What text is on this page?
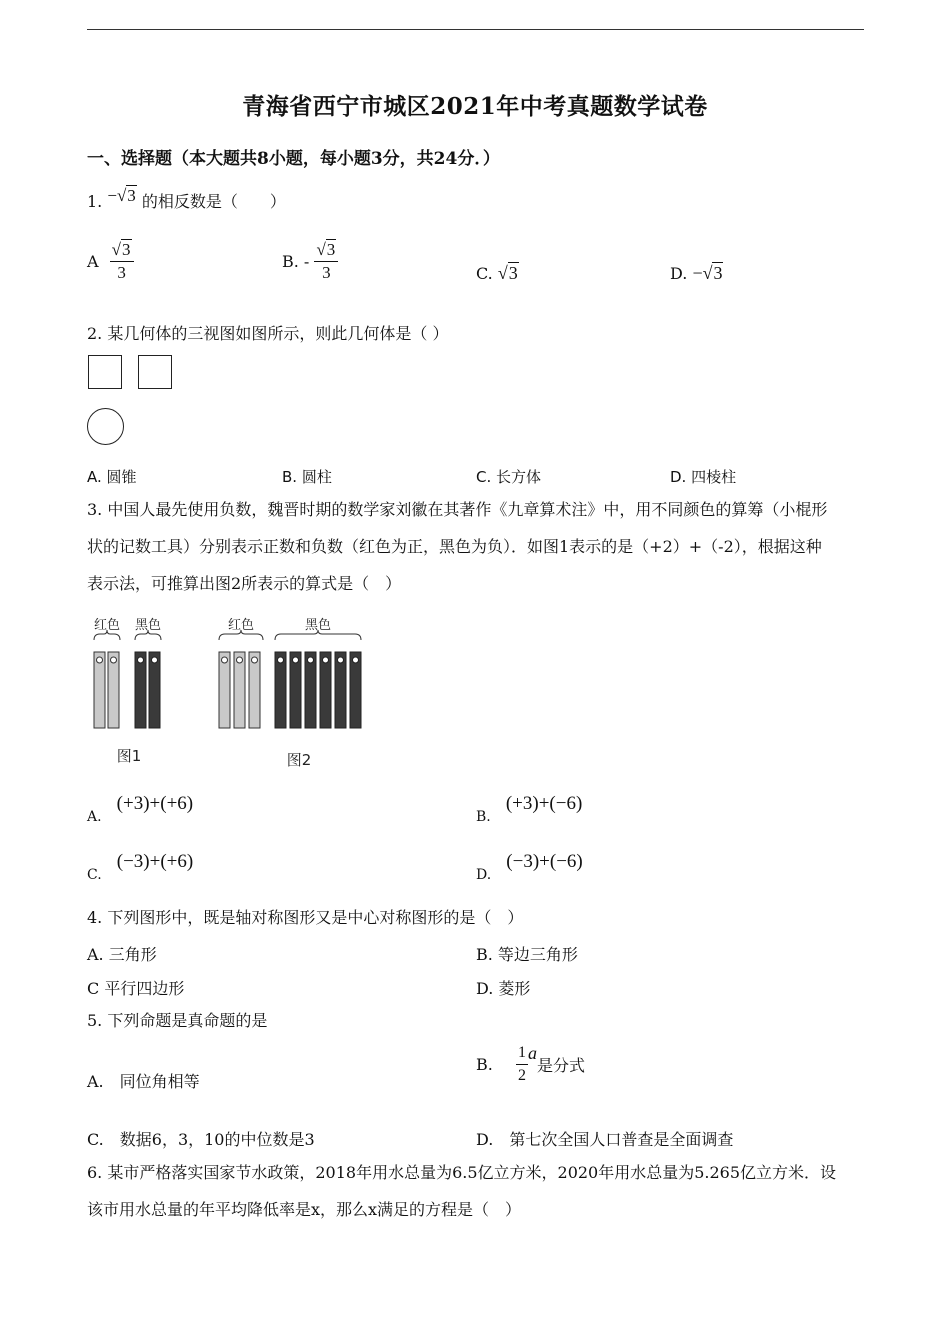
青海省西宁市城区2021年中考真题数学试卷
一、选择题（本大题共8小题，每小题3分，共24分．）
1. −√3 的相反数是（　　）
A $\frac{√3}{3}$	B. - $\frac{√3}{3}$	C. √3	D. −√3
2. 某几何体的三视图如图所示，则此几何体是（ ）
A. 圆锥	B. 圆柱	C. 长方体	D. 四棱柱
3. 中国人最先使用负数，魏晋时期的数学家刘徽在其著作《九章算术注》中，用不同颜色的算筹（小棍形
状的记数工具）分别表示正数和负数（红色为正，黑色为负）．如图1表示的是（+2）+（-2），根据这种
表示法，可推算出图2所表示的算式是（　）
红色 黑色
图1
红色	黑色
图2
A. (+3)+(+6)
B. (+3)+(−6)
C. (−3)+(+6)
D. (−3)+(−6)
4. 下列图形中，既是轴对称图形又是中心对称图形的是（　）
A. 三角形	B. 等边三角形
C 平行四边形	D. 菱形
5. 下列命题是真命题的是
A.　同位角相等
B. $\frac{1}{2}$ a是分式
C.　数据6，3，10的中位数是3	D.　第七次全国人口普查是全面调查
6. 某市严格落实国家节水政策，2018年用水总量为6.5亿立方米，2020年用水总量为5.265亿立方米．设
该市用水总量的年平均降低率是x，那么x满足的方程是（　）
